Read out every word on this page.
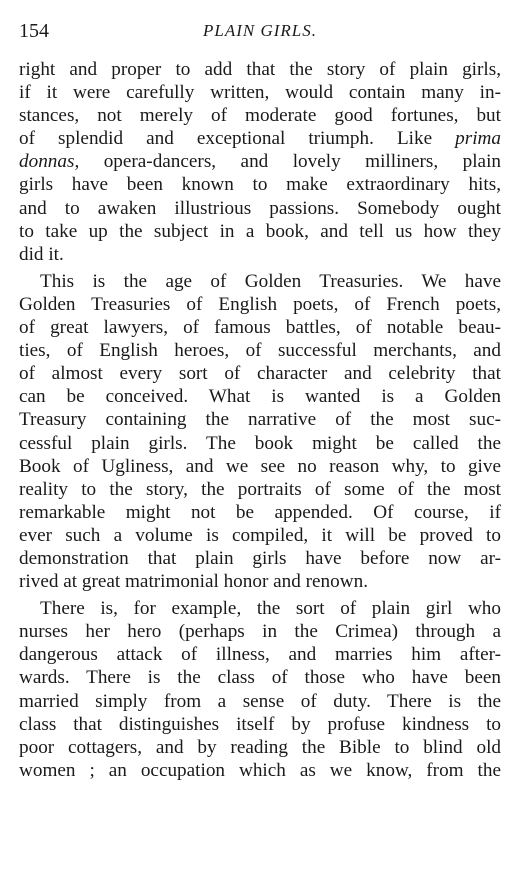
154	PLAIN GIRLS.
right and proper to add that the story of plain girls,
if it were carefully written, would contain many in-
stances, not merely of moderate good fortunes, but
of splendid and exceptional triumph. Like prima
donnas, opera-dancers, and lovely milliners, plain
girls have been known to make extraordinary hits,
and to awaken illustrious passions. Somebody ought
to take up the subject in a book, and tell us how they
did it.
This is the age of Golden Treasuries. We have
Golden Treasuries of English poets, of French poets,
of great lawyers, of famous battles, of notable beau-
ties, of English heroes, of successful merchants, and
of almost every sort of character and celebrity that
can be conceived. What is wanted is a Golden
Treasury containing the narrative of the most suc-
cessful plain girls. The book might be called the
Book of Ugliness, and we see no reason why, to give
reality to the story, the portraits of some of the most
remarkable might not be appended. Of course, if
ever such a volume is compiled, it will be proved to
demonstration that plain girls have before now ar-
rived at great matrimonial honor and renown.
There is, for example, the sort of plain girl who
nurses her hero (perhaps in the Crimea) through a
dangerous attack of illness, and marries him after-
wards. There is the class of those who have been
married simply from a sense of duty. There is the
class that distinguishes itself by profuse kindness to
poor cottagers, and by reading the Bible to blind old
women ; an occupation which as we know, from the
